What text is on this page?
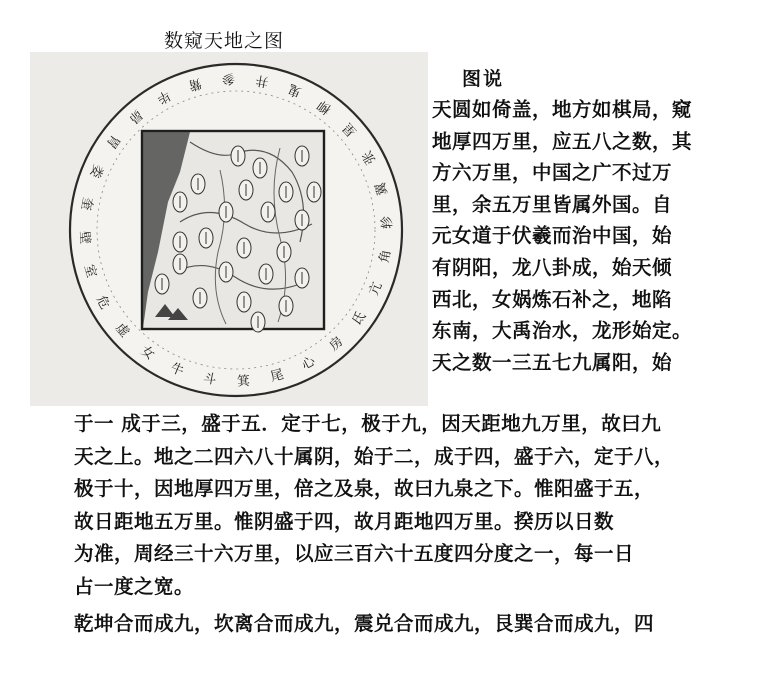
数窥天地之图
斗
牛
女
虚
危
室
壁
奎
娄
胃
昴
毕
觜 参 井
鬼
柳
星
张
翼
轸
角
亢
氐
房
心
尾
箕
图说
天圆如倚盖，地方如棋局，窥
地厚四万里，应五八之数，其
方六万里，中国之广不过万
里，余五万里皆属外国。自
元女道于伏羲而治中国，始
有阴阳，龙八卦成，始天倾
西北，女娲炼石补之，地陷
东南，大禹治水，龙形始定。
天之数一三五七九属阳，始
于一 成于三，盛于五．定于七，极于九，因天距地九万里，故曰九
天之上。地之二四六八十属阴，始于二，成于四，盛于六，定于八，
极于十，因地厚四万里，倍之及泉，故曰九泉之下。惟阳盛于五，
故日距地五万里。惟阴盛于四，故月距地四万里。揆历以日数
为准，周经三十六万里，以应三百六十五度四分度之一，每一日
占一度之宽。
乾坤合而成九，坎离合而成九，震兑合而成九，艮巽合而成九，四
